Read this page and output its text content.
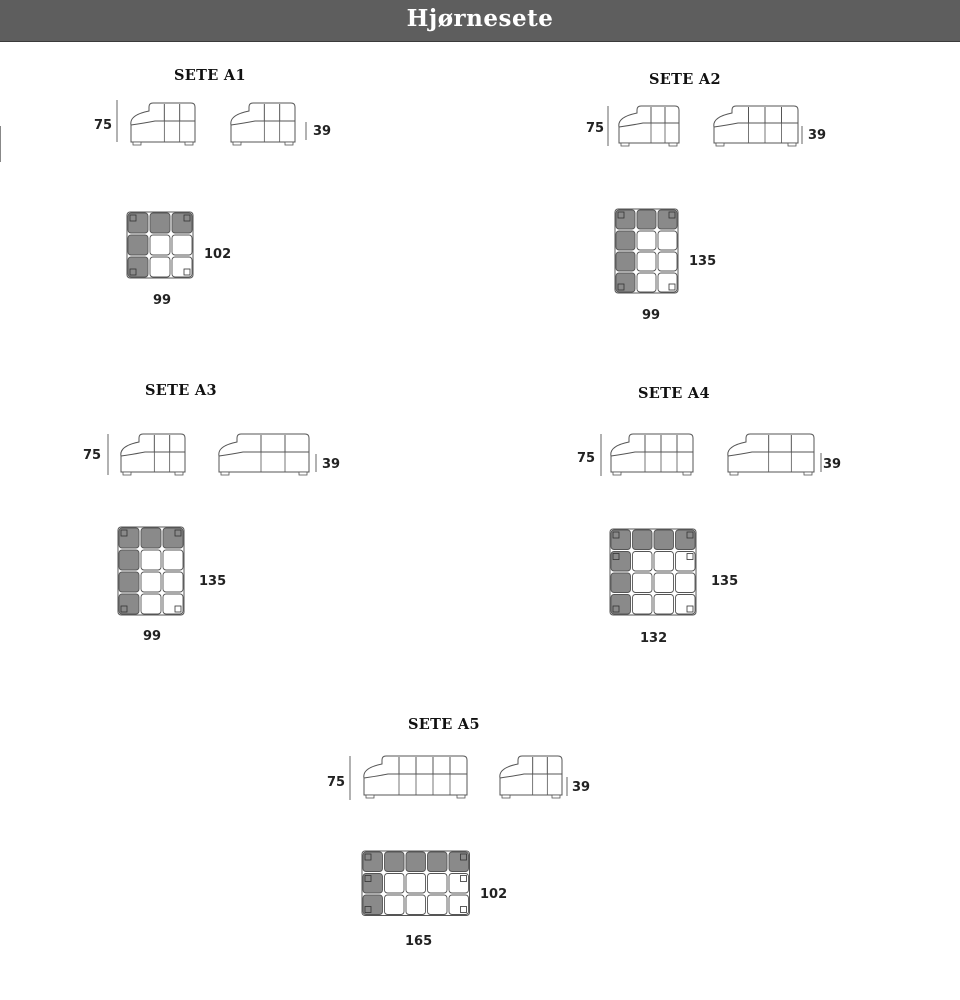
Hjørnesete
SETE A1
75	39
102
99
SETE A2
75	39
135
99
SETE A3
75
39
135
99
SETE A4
75	39
135
132
SETE A5
75	39
102
165
